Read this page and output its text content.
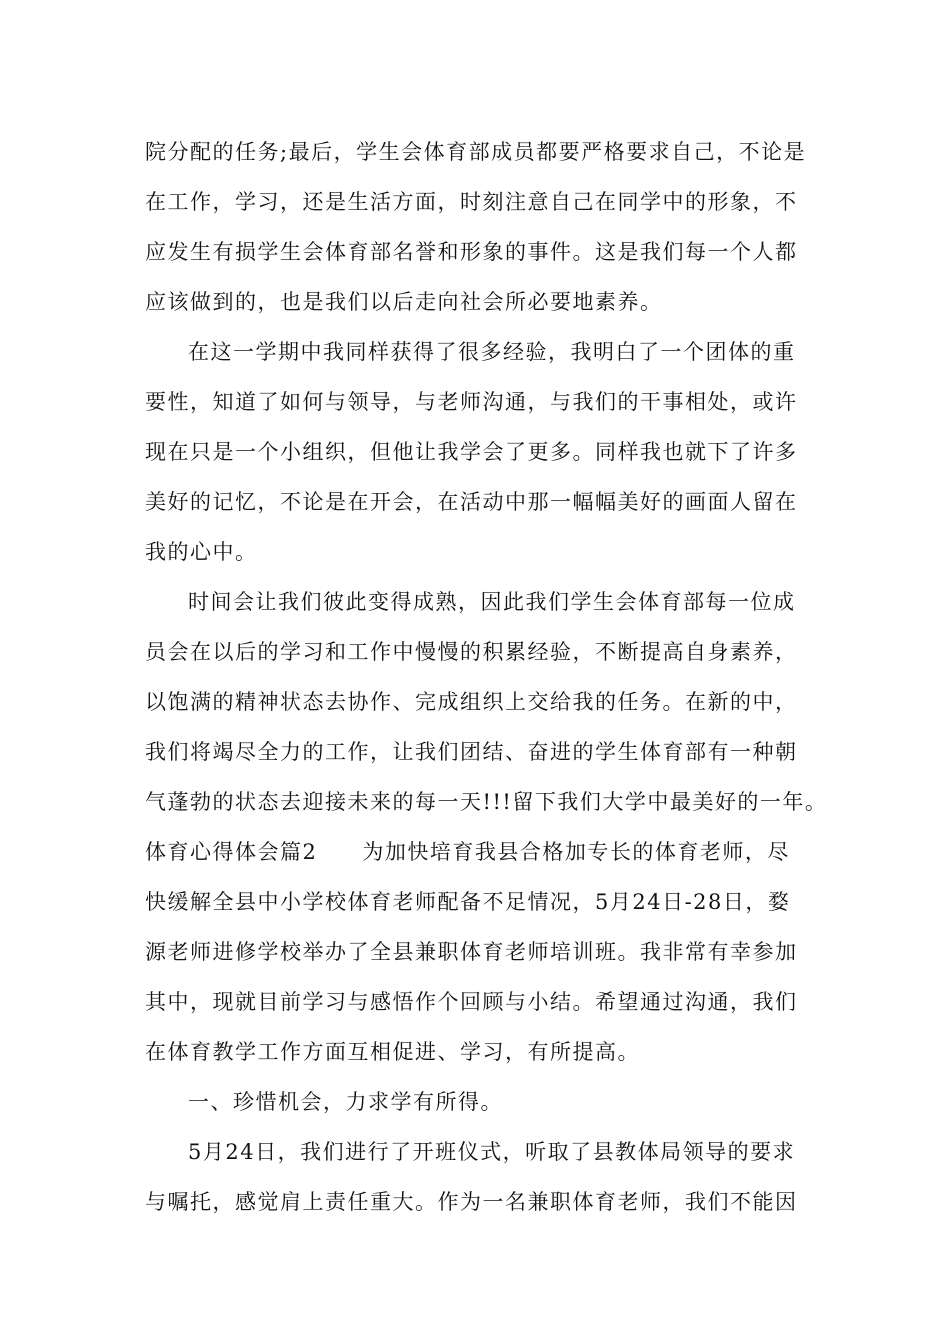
院分配的任务;最后，学生会体育部成员都要严格要求自己，不论是
在工作，学习，还是生活方面，时刻注意自己在同学中的形象，不
应发生有损学生会体育部名誉和形象的事件。这是我们每一个人都
应该做到的，也是我们以后走向社会所必要地素养。
在这一学期中我同样获得了很多经验，我明白了一个团体的重
要性，知道了如何与领导，与老师沟通，与我们的干事相处，或许
现在只是一个小组织，但他让我学会了更多。同样我也就下了许多
美好的记忆，不论是在开会，在活动中那一幅幅美好的画面人留在
我的心中。
时间会让我们彼此变得成熟，因此我们学生会体育部每一位成
员会在以后的学习和工作中慢慢的积累经验，不断提高自身素养，
以饱满的精神状态去协作、完成组织上交给我的任务。在新的中，
我们将竭尽全力的工作，让我们团结、奋进的学生体育部有一种朝
气蓬勃的状态去迎接未来的每一天!!!留下我们大学中最美好的一年。
体育心得体会篇2　　为加快培育我县合格加专长的体育老师，尽
快缓解全县中小学校体育老师配备不足情况，5月24日-28日，婺
源老师进修学校举办了全县兼职体育老师培训班。我非常有幸参加
其中，现就目前学习与感悟作个回顾与小结。希望通过沟通，我们
在体育教学工作方面互相促进、学习，有所提高。
一、珍惜机会，力求学有所得。
5月24日，我们进行了开班仪式，听取了县教体局领导的要求
与嘱托，感觉肩上责任重大。作为一名兼职体育老师，我们不能因
